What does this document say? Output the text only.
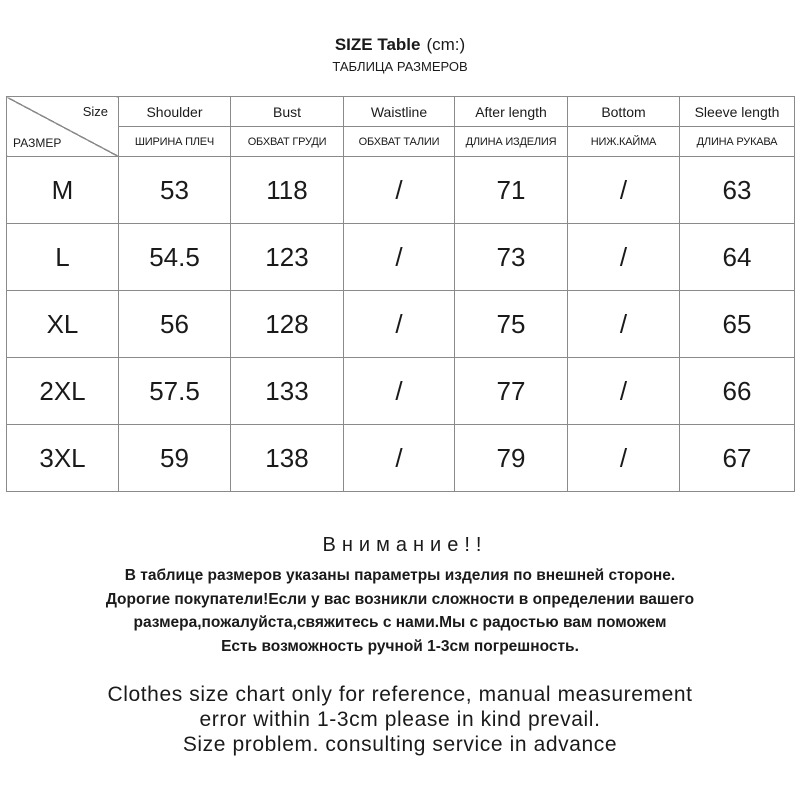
SIZE Table (cm:)
ТАБЛИЦА РАЗМЕРОВ
Size
РАЗМЕР	Shoulder	Bust	Waistline	After length	Bottom	Sleeve length
	ШИРИНА ПЛЕЧ	ОБХВАТ ГРУДИ	ОБХВАТ ТАЛИИ	ДЛИНА ИЗДЕЛИЯ	НИЖ.КАЙМА	ДЛИНА РУКАВА
M	53	118	/	71	/	63
L	54.5	123	/	73	/	64
XL	56	128	/	75	/	65
2XL	57.5	133	/	77	/	66
3XL	59	138	/	79	/	67
Внимание!!
В таблице размеров указаны параметры изделия по внешней стороне.
Дорогие покупатели!Если у вас возникли сложности в определении вашего
размера,пожалуйста,свяжитесь с нами.Мы с радостью вам поможем
Есть возможность ручной 1-3см погрешность.
Clothes size chart only for reference, manual measurement
error within 1-3cm please in kind prevail.
Size problem. consulting service in advance
